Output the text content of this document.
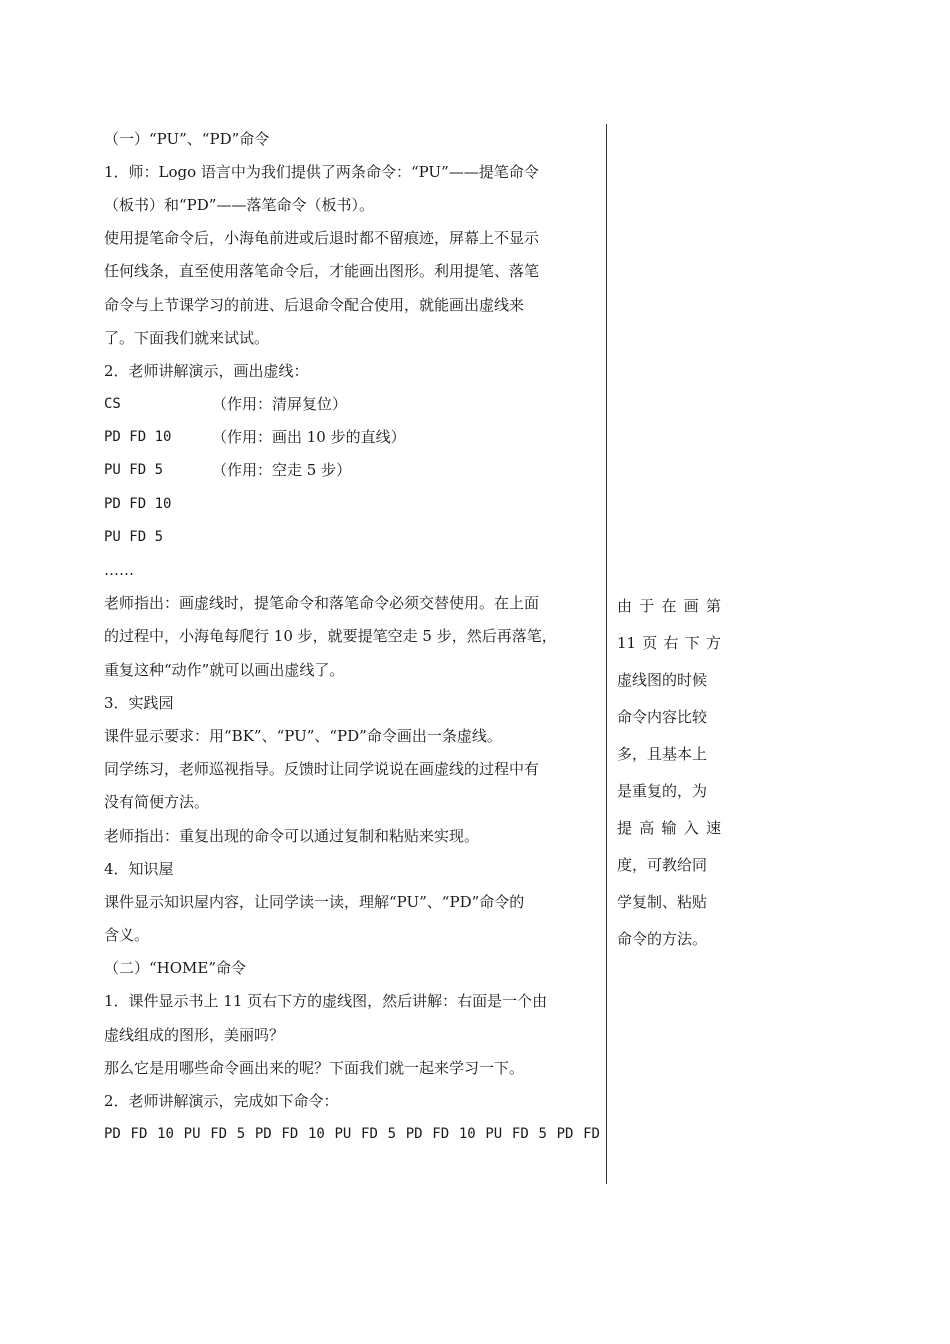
（一）“PU”、“PD”命令
1．师：Logo 语言中为我们提供了两条命令：“PU”——提笔命令
（板书）和“PD”——落笔命令（板书）。
使用提笔命令后，小海龟前进或后退时都不留痕迹，屏幕上不显示
任何线条，直至使用落笔命令后，才能画出图形。利用提笔、落笔
命令与上节课学习的前进、后退命令配合使用，就能画出虚线来
了。下面我们就来试试。
2．老师讲解演示，画出虚线：
CS	（作用：清屏复位）
PD FD 10	（作用：画出 10 步的直线）
PU FD 5	（作用：空走 5 步）
PD FD 10
PU FD 5
……
老师指出：画虚线时，提笔命令和落笔命令必须交替使用。在上面
的过程中，小海龟每爬行 10 步，就要提笔空走 5 步，然后再落笔，
重复这种“动作”就可以画出虚线了。
3．实践园
课件显示要求：用“BK”、“PU”、“PD”命令画出一条虚线。
同学练习，老师巡视指导。反馈时让同学说说在画虚线的过程中有
没有简便方法。
老师指出：重复出现的命令可以通过复制和粘贴来实现。
4．知识屋
课件显示知识屋内容，让同学读一读，理解“PU”、“PD”命令的
含义。
（二）“HOME”命令
1．课件显示书上 11 页右下方的虚线图，然后讲解：右面是一个由
虚线组成的图形，美丽吗？
那么它是用哪些命令画出来的呢？下面我们就一起来学习一下。
2．老师讲解演示，完成如下命令：
PD FD 10 PU FD 5 PD FD 10 PU FD 5 PD FD 10 PU FD 5 PD FD
由 于 在 画 第
11 页 右 下 方
虚线图的时候
命令内容比较
多，且基本上
是重复的，为
提 高 输 入 速
度，可教给同
学复制、粘贴
命令的方法。
